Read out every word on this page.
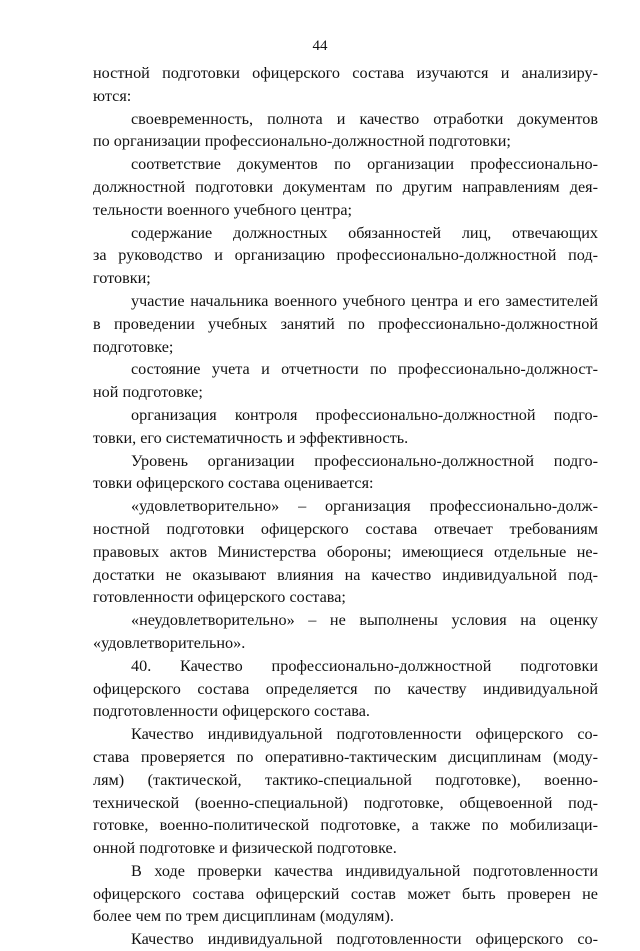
44
ностной подготовки офицерского состава изучаются и анализиру-
ются:
своевременность, полнота и качество отработки документов
по организации профессионально-должностной подготовки;
соответствие документов по организации профессионально-
должностной подготовки документам по другим направлениям дея-
тельности военного учебного центра;
содержание должностных обязанностей лиц, отвечающих
за руководство и организацию профессионально-должностной под-
готовки;
участие начальника военного учебного центра и его заместителей
в проведении учебных занятий по профессионально-должностной
подготовке;
состояние учета и отчетности по профессионально-должност-
ной подготовке;
организация контроля профессионально-должностной подго-
товки, его систематичность и эффективность.
Уровень организации профессионально-должностной подго-
товки офицерского состава оценивается:
«удовлетворительно» – организация профессионально-долж-
ностной подготовки офицерского состава отвечает требованиям
правовых актов Министерства обороны; имеющиеся отдельные не-
достатки не оказывают влияния на качество индивидуальной под-
готовленности офицерского состава;
«неудовлетворительно» – не выполнены условия на оценку
«удовлетворительно».
40. Качество профессионально-должностной подготовки
офицерского состава определяется по качеству индивидуальной
подготовленности офицерского состава.
Качество индивидуальной подготовленности офицерского со-
става проверяется по оперативно-тактическим дисциплинам (моду-
лям) (тактической, тактико-специальной подготовке), военно-
технической (военно-специальной) подготовке, общевоенной под-
готовке, военно-политической подготовке, а также по мобилизаци-
онной подготовке и физической подготовке.
В ходе проверки качества индивидуальной подготовленности
офицерского состава офицерский состав может быть проверен не
более чем по трем дисциплинам (модулям).
Качество индивидуальной подготовленности офицерского со-
